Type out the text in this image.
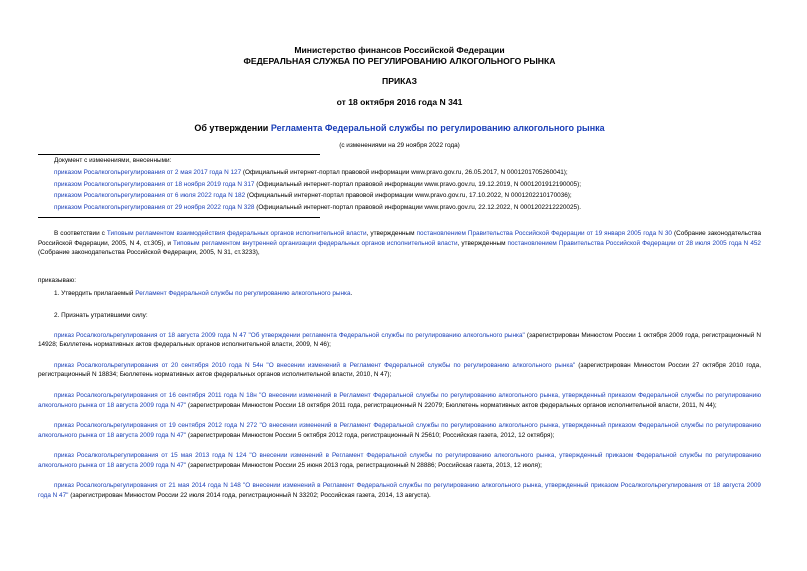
Министерство финансов Российской Федерации
ФЕДЕРАЛЬНАЯ СЛУЖБА ПО РЕГУЛИРОВАНИЮ АЛКОГОЛЬНОГО РЫНКА
ПРИКАЗ
от 18 октября 2016 года N 341
Об утверждении Регламента Федеральной службы по регулированию алкогольного рынка
(с изменениями на 29 ноября 2022 года)
Документ с изменениями, внесенными:
приказом Росалкогольрегулирования от 2 мая 2017 года N 127 (Официальный интернет-портал правовой информации www.pravo.gov.ru, 26.05.2017, N 0001201705260041);
приказом Росалкогольрегулирования от 18 ноября 2019 года N 317 (Официальный интернет-портал правовой информации www.pravo.gov.ru, 19.12.2019, N 0001201912190005);
приказом Росалкогольрегулирования от 6 июля 2022 года N 182 (Официальный интернет-портал правовой информации www.pravo.gov.ru, 17.10.2022, N 0001202210170036);
приказом Росалкогольрегулирования от 29 ноября 2022 года N 328 (Официальный интернет-портал правовой информации www.pravo.gov.ru, 22.12.2022, N 0001202212220025).
В соответствии с Типовым регламентом взаимодействия федеральных органов исполнительной власти, утвержденным постановлением Правительства Российской Федерации от 19 января 2005 года N 30 (Собрание законодательства Российской Федерации, 2005, N 4, ст.305), и Типовым регламентом внутренней организации федеральных органов исполнительной власти, утвержденным постановлением Правительства Российской Федерации от 28 июля 2005 года N 452 (Собрание законодательства Российской Федерации, 2005, N 31, ст.3233),
приказываю:
1. Утвердить прилагаемый Регламент Федеральной службы по регулированию алкогольного рынка.
2. Признать утратившими силу:
приказ Росалкогольрегулирования от 18 августа 2009 года N 47 "Об утверждении регламента Федеральной службы по регулированию алкогольного рынка" (зарегистрирован Минюстом России 1 октября 2009 года, регистрационный N 14928; Бюллетень нормативных актов федеральных органов исполнительной власти, 2009, N 46);
приказ Росалкогольрегулирования от 20 сентября 2010 года N 54н "О внесении изменений в Регламент Федеральной службы по регулированию алкогольного рынка" (зарегистрирован Минюстом России 27 октября 2010 года, регистрационный N 18834; Бюллетень нормативных актов федеральных органов исполнительной власти, 2010, N 47);
приказ Росалкогольрегулирования от 16 сентября 2011 года N 18н "О внесении изменений в Регламент Федеральной службы по регулированию алкогольного рынка, утвержденный приказом Федеральной службы по регулированию алкогольного рынка от 18 августа 2009 года N 47" (зарегистрирован Минюстом России 18 октября 2011 года, регистрационный N 22079; Бюллетень нормативных актов федеральных органов исполнительной власти, 2011, N 44);
приказ Росалкогольрегулирования от 19 сентября 2012 года N 272 "О внесении изменений в Регламент Федеральной службы по регулированию алкогольного рынка, утвержденный приказом Федеральной службы по регулированию алкогольного рынка от 18 августа 2009 года N 47" (зарегистрирован Минюстом России 5 октября 2012 года, регистрационный N 25610; Российская газета, 2012, 12 октября);
приказ Росалкогольрегулирования от 15 мая 2013 года N 124 "О внесении изменений в Регламент Федеральной службы по регулированию алкогольного рынка, утвержденный приказом Федеральной службы по регулированию алкогольного рынка от 18 августа 2009 года N 47" (зарегистрирован Минюстом России 25 июня 2013 года, регистрационный N 28886; Российская газета, 2013, 12 июля);
приказ Росалкогольрегулирования от 21 мая 2014 года N 148 "О внесении изменений в Регламент Федеральной службы по регулированию алкогольного рынка, утвержденный приказом Росалкогольрегулирования от 18 августа 2009 года N 47" (зарегистрирован Минюстом России 22 июля 2014 года, регистрационный N 33202; Российская газета, 2014, 13 августа).
